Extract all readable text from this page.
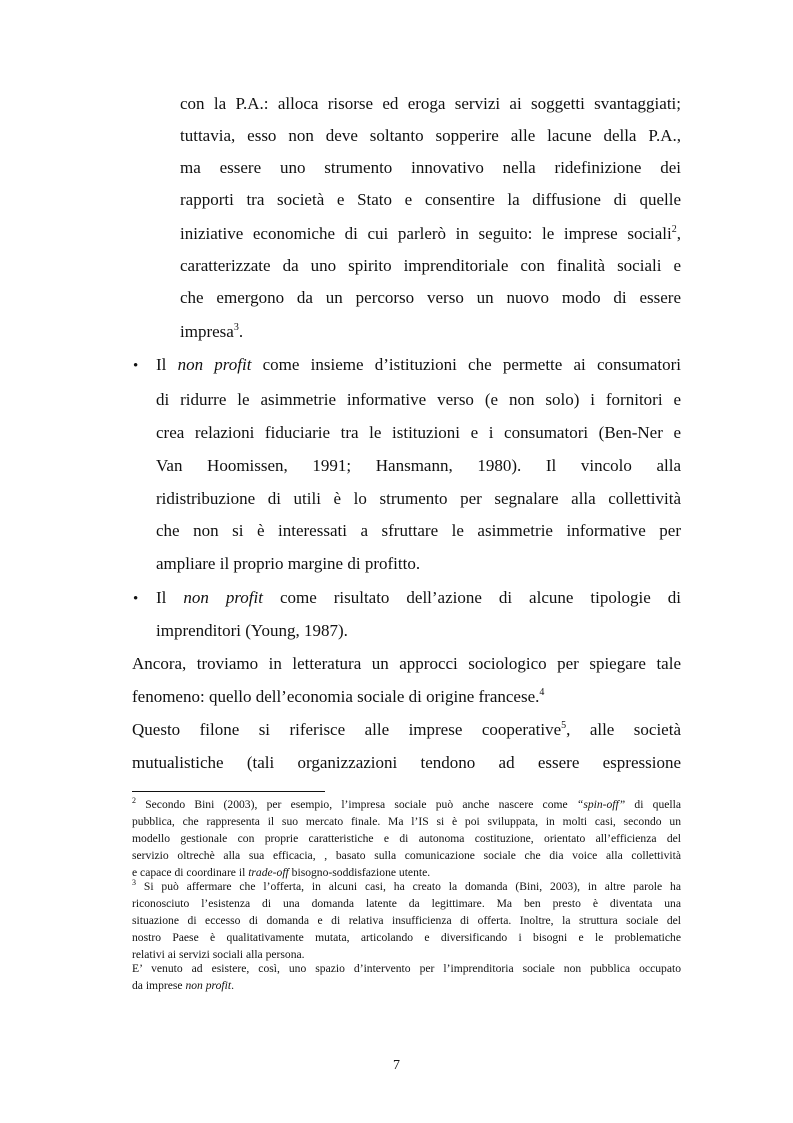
con la P.A.: alloca risorse ed eroga servizi ai soggetti svantaggiati;
tuttavia, esso non deve soltanto sopperire alle lacune della P.A.,
ma essere uno strumento innovativo nella ridefinizione dei
rapporti tra società e Stato e consentire la diffusione di quelle
iniziative economiche di cui parlerò in seguito: le imprese sociali$^2$,
caratterizzate da uno spirito imprenditoriale con finalità sociali e
che emergono da un percorso verso un nuovo modo di essere
impresa$^3$.
• Il non profit come insieme d’istituzioni che permette ai consumatori
di ridurre le asimmetrie informative verso (e non solo) i fornitori e
crea relazioni fiduciarie tra le istituzioni e i consumatori (Ben-Ner e
Van Hoomissen, 1991; Hansmann, 1980). Il vincolo alla
ridistribuzione di utili è lo strumento per segnalare alla collettività
che non si è interessati a sfruttare le asimmetrie informative per
ampliare il proprio margine di profitto.
• Il non profit come risultato dell’azione di alcune tipologie di
imprenditori (Young, 1987).
Ancora, troviamo in letteratura un approcci sociologico per spiegare tale
fenomeno: quello dell’economia sociale di origine francese.$^4$
Questo filone si riferisce alle imprese cooperative$^5$, alle società
mutualistiche (tali organizzazioni tendono ad essere espressione
$^2$ Secondo Bini (2003), per esempio, l’impresa sociale può anche nascere come “spin-off” di quella
pubblica, che rappresenta il suo mercato finale. Ma l’IS si è poi sviluppata, in molti casi, secondo un
modello gestionale con proprie caratteristiche e di autonoma costituzione, orientato all’efficienza del
servizio oltrechè alla sua efficacia, , basato sulla comunicazione sociale che dia voice alla collettività
e capace di coordinare il trade-off bisogno-soddisfazione utente.
$^3$ Si può affermare che l’offerta, in alcuni casi, ha creato la domanda (Bini, 2003), in altre parole ha
riconosciuto l’esistenza di una domanda latente da legittimare. Ma ben presto è diventata una
situazione di eccesso di domanda e di relativa insufficienza di offerta. Inoltre, la struttura sociale del
nostro Paese è qualitativamente mutata, articolando e diversificando i bisogni e le problematiche
relativi ai servizi sociali alla persona.
E’ venuto ad esistere, così, uno spazio d’intervento per l’imprenditoria sociale non pubblica occupato
da imprese non profit.
7
